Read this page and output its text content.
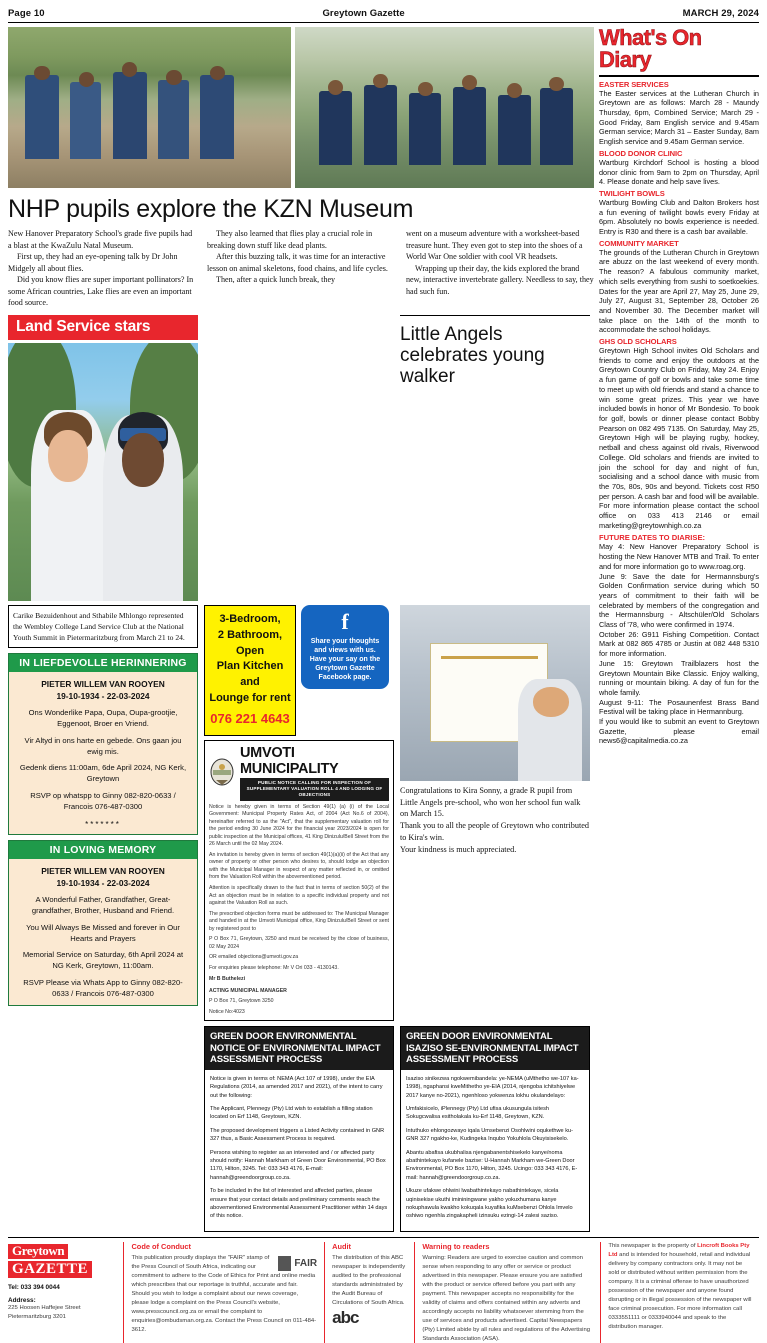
Page 10	Greytown Gazette	MARCH 29, 2024
NHP pupils explore the KZN Museum

New Hanover Preparatory School's grade five pupils had a blast at the KwaZulu Natal Museum.

First up, they had an eye-opening talk by Dr John Midgely all about flies.

Did you know flies are super important pollinators? In some African countries, Lake flies are even an important food source.

They also learned that flies play a crucial role in breaking down stuff like dead plants.

After this buzzing talk, it was time for an interactive lesson on animal skeletons, food chains, and life cycles.

Then, after a quick lunch break, they

went on a museum adventure with a worksheet-based treasure hunt. They even got to step into the shoes of a World War One soldier with cool VR headsets.

Wrapping up their day, the kids explored the brand new, interactive invertebrate gallery. Needless to say, they had such fun.

Land Service stars	Little Angels celebrates young walker

Carike Bezuidenhout and Sthabile Mhlongo represented the Wembley College Land Service Club at the National Youth Summit in Pietermaritzburg from March 21 to 24.

IN LIEFDEVOLLE HERINNERING
PIETER WILLEM VAN ROOYEN
19-10-1934 - 22-03-2024

Ons Wonderlike Papa, Oupa, Oupa-grootjie, Eggenoot, Broer en Vriend.

Vir Altyd in ons harte en gebede. Ons gaan jou ewig mis.

Gedenk diens 11:00am, 6de April 2024, NG Kerk, Greytown

RSVP op whatspp to Ginny 082-820-0633 / Francois 076-487-0300

*******
IN LOVING MEMORY
PIETER WILLEM VAN ROOYEN
19-10-1934 - 22-03-2024

A Wonderful Father, Grandfather, Great-grandfather, Brother, Husband and Friend.

You Will Always Be Missed and forever in Our Hearts and Prayers

Memorial Service on Saturday, 6th April 2024 at NG Kerk, Greytown, 11:00am.

RSVP Please via Whats App to Ginny 082-820-0633 / Francois 076-487-0300

3-Bedroom,
2 Bathroom, Open
Plan Kitchen and
Lounge for rent
076 221 4643
f

Share your thoughts and views with us. Have your say on the Greytown Gazette Facebook page.

UMVOTI MUNICIPALITY
PUBLIC NOTICE CALLING FOR INSPECTION OF SUPPLEMENTARY VALUATION ROLL 4 AND LODGING OF OBJECTIONS

Notice is hereby given in terms of Section 49(1) (a) (i) of the Local Government: Municipal Property Rates Act, of 2004 (Act No.6 of 2004), hereinafter referred to as the "Act", that the supplementary valuation roll for the period ending 30 June 2024 for the financial year 2023/2024 is open for public inspection at the Municipal offices, 41 King Dinizulu/Bell Street from the 26 March until the 02 May 2024.

An invitation is hereby given in terms of section 49(1)(a)(ii) of the Act that any owner of property or other person who desires to, should lodge an objection with the Municipal Manager in respect of any matter reflected in, or omitted from the Valuation Roll within the abovementioned period.

Attention is specifically drawn to the fact that in terms of section 50(2) of the Act an objection must be in relation to a specific individual property and not against the Valuation Roll as such.

The prescribed objection forms must be addressed to: The Municipal Manager and handed in at the Umvoti Municipal office, King Dinizulu/Bell Street or sent by registered post to

P O Box 71, Greytown, 3250 and must be received by the close of business, 02 May 2024

OR emailed objections@umvoti.gov.za

For enquiries please telephone: Mr V Ori 033 - 4130143.

Mr B Buthelezi

ACTING MUNICIPAL MANAGER

P O Box 71, Greytown 3250

Notice No:4023

Congratulations to Kira Sonny, a grade R pupil from Little Angels pre-school, who won her school fun walk on March 15.

Thank you to all the people of Greytown who contributed to Kira's win.

Your kindness is much appreciated.

GREEN DOOR ENVIRONMENTAL NOTICE OF ENVIRONMENTAL IMPACT ASSESSMENT PROCESS

Notice is given in terms of: NEMA (Act 107 of 1998), under the EIA Regulations (2014, as amended 2017 and 2021), of the intent to carry out the following:

The Applicant, Plennegy (Pty) Ltd wish to establish a filling station located on Erf 1148, Greytown, KZN.

The proposed development triggers a Listed Activity contained in GNR 327 thus, a Basic Assessment Process is required.

Persons wishing to register as an interested and / or affected party should notify: Hannah Markham of Green Door Environmental, PO Box 1170, Hilton, 3245. Tel: 033 343 4176, E-mail: hannah@greendoorgroup.co.za.

To be included in the list of interested and affected parties, please ensure that your contact details and preliminary comments reach the abovementioned Environmental Assessment Practitioner within 14 days of this notice.

GREEN DOOR ENVIRONMENTAL ISAZISO SE-ENVIRONMENTAL IMPACT ASSESSMENT PROCESS

Isaziso sinikezwa ngokwemibandela: ye-NEMA (uMthetho we-107 ka-1998), ngaphansi kweMithetho ye-EIA (2014, njengoba ichitshiyelwe 2017 kanye no-2021), ngenhloso yokwenza lokhu okulandelayo:

Umfakisicelo, iPlennegy (Pty) Ltd ufisa ukusungula isitesh Sokugcwalisa esitholakala ku-Erf 1148, Greytown, KZN.

Intuthuko ehlongozwayo iqala Umsebenzi Osohlwini oqukethwe ku-GNR 327 ngakho-ke, Kudingeka Inqubo Yokuhlola Okuyisisekelo.

Abantu abafisa ukubhalisa njengabanentshisekelo kanye/noma abathintekayo kufanele bazise: U-Hannah Markham we-Green Door Environmental, PO Box 1170, Hilton, 3245. Ucingo: 033 343 4176, E-mail: hannah@greendoorgroup.co.za.

Ukuze ufakwe ohlwini lwabathintekayo nabathintekaye, sicela uqinisekise ukuthi imininingwane yakho yokuxhumana kanye nokuphawula kwakho kokuqala kuyafika kuMsebenzi Ohlola Imvelo oshiwo ngenhla zingakapheli izinsuku ezingi-14 zalesi saziso.

What's On Diary
EASTER SERVICES

The Easter services at the Lutheran Church in Greytown are as follows: March 28 - Maundy Thursday, 6pm, Combined Service; March 29 - Good Friday, 8am English service and 9.45am German service; March 31 – Easter Sunday, 8am English service and 9.45am German service.

BLOOD DONOR CLINIC

Wartburg Kirchdorf School is hosting a blood donor clinic from 9am to 2pm on Thursday, April 4. Please donate and help save lives.

TWILIGHT BOWLS

Wartburg Bowling Club and Dalton Brokers host a fun evening of twilight bowls every Friday at 6pm. Absolutely no bowls experience is needed. Entry is R30 and there is a cash bar available.

COMMUNITY MARKET

The grounds of the Lutheran Church in Greytown are abuzz on the last weekend of every month. The reason? A fabulous community market, which sells everything from sushi to soetkoekies. Dates for the year are April 27, May 25, June 29, July 27, August 31, September 28, October 26 and November 30. The December market will take place on the 14th of the month to accommodate the school holidays.

GHS OLD SCHOLARS

Greytown High School invites Old Scholars and friends to come and enjoy the outdoors at the Greytown Country Club on Friday, May 24. Enjoy a fun game of golf or bowls and take some time to meet up with old friends and stand a chance to win some great prizes. This year we have included bowls in honor of Mr Bondesio. To book for golf, bowls or dinner please contact Bobby Pearson on 082 495 7135. On Saturday, May 25, Greytown High will be playing rugby, hockey, netball and chess against old rivals, Riverwood College. Old scholars and friends are invited to join the school for day and night of fun, socialising and a school dance with music from the 70s, 80s, 90s and beyond. Tickets cost R50 per person. A cash bar and food will be available. For more information please contact the school office on 033 413 2146 or email marketing@greytownhigh.co.za

FUTURE DATES TO DIARISE:

May 4: New Hanover Preparatory School is hosting the New Hanover MTB and Trail. To enter and for more information go to www.roag.org.

June 9: Save the date for Hermannsburg's Golden Confirmation service during which 50 years of commitment to their faith will be celebrated by members of the congregation and the Hermannsburg - Altschüler/Old Scholars Class of '78, who were confirmed in 1974.

October 26: G911 Fishing Competition. Contact Mark at 082 865 4785 or Justin at 082 448 5310 for more information.

June 15: Greytown Trailblazers host the Greytown Mountain Bike Classic. Enjoy walking, running or mountain biking. A day of fun for the whole family.

August 9-11: The Posaunenfest Brass Band Festival will be taking place in Hermannburg.

If you would like to submit an event to Greytown Gazette, please email news6@capitalmedia.co.za

Greytown GAZETTE
Tel: 033 394 0044
Address:

225 Hoosen Haffejee Street Pietermaritzburg 3201

Code of Conduct
FAIR

This publication proudly displays the "FAIR" stamp of the Press Council of South Africa, indicating our commitment to adhere to the Code of Ethics for Print and online media which prescribes that our reportage is truthful, accurate and fair. Should you wish to lodge a complaint about our news coverage, please lodge a complaint on the Press Council's website, www.presscouncil.org.za or email the complaint to enquiries@ombudsman.org.za. Contact the Press Council on 011-484-3612.

Audit

The distribution of this ABC newspaper is independently audited to the professional standards administrated by the Audit Bureau of Circulations of South Africa.

abc
Warning to readers

Warning: Readers are urged to exercise caution and common sense when responding to any offer or service or product advertised in this newspaper. Please ensure you are satisfied with the product or service offered before you part with any payment. This newspaper accepts no responsibility for the validity of claims and offers contained within any adverts and accordingly accepts no liability whatsoever stemming from the use of services and products advertised. Capital Newspapers (Pty) Limited abide by all rules and regulations of the Advertising Standards Association (ASA).

This newspaper is the property of Lincroft Books Pty Ltd and is intended for household, retail and individual delivery by company contractors only. It may not be sold or distributed without written permission from the company. It is a criminal offense to have unauthorized possession of the newspaper and anyone found disrupting or in illegal possession of the newspaper will face criminal prosecution. For more information call 0333551111 or 0333940044 and speak to the distribution manager.
